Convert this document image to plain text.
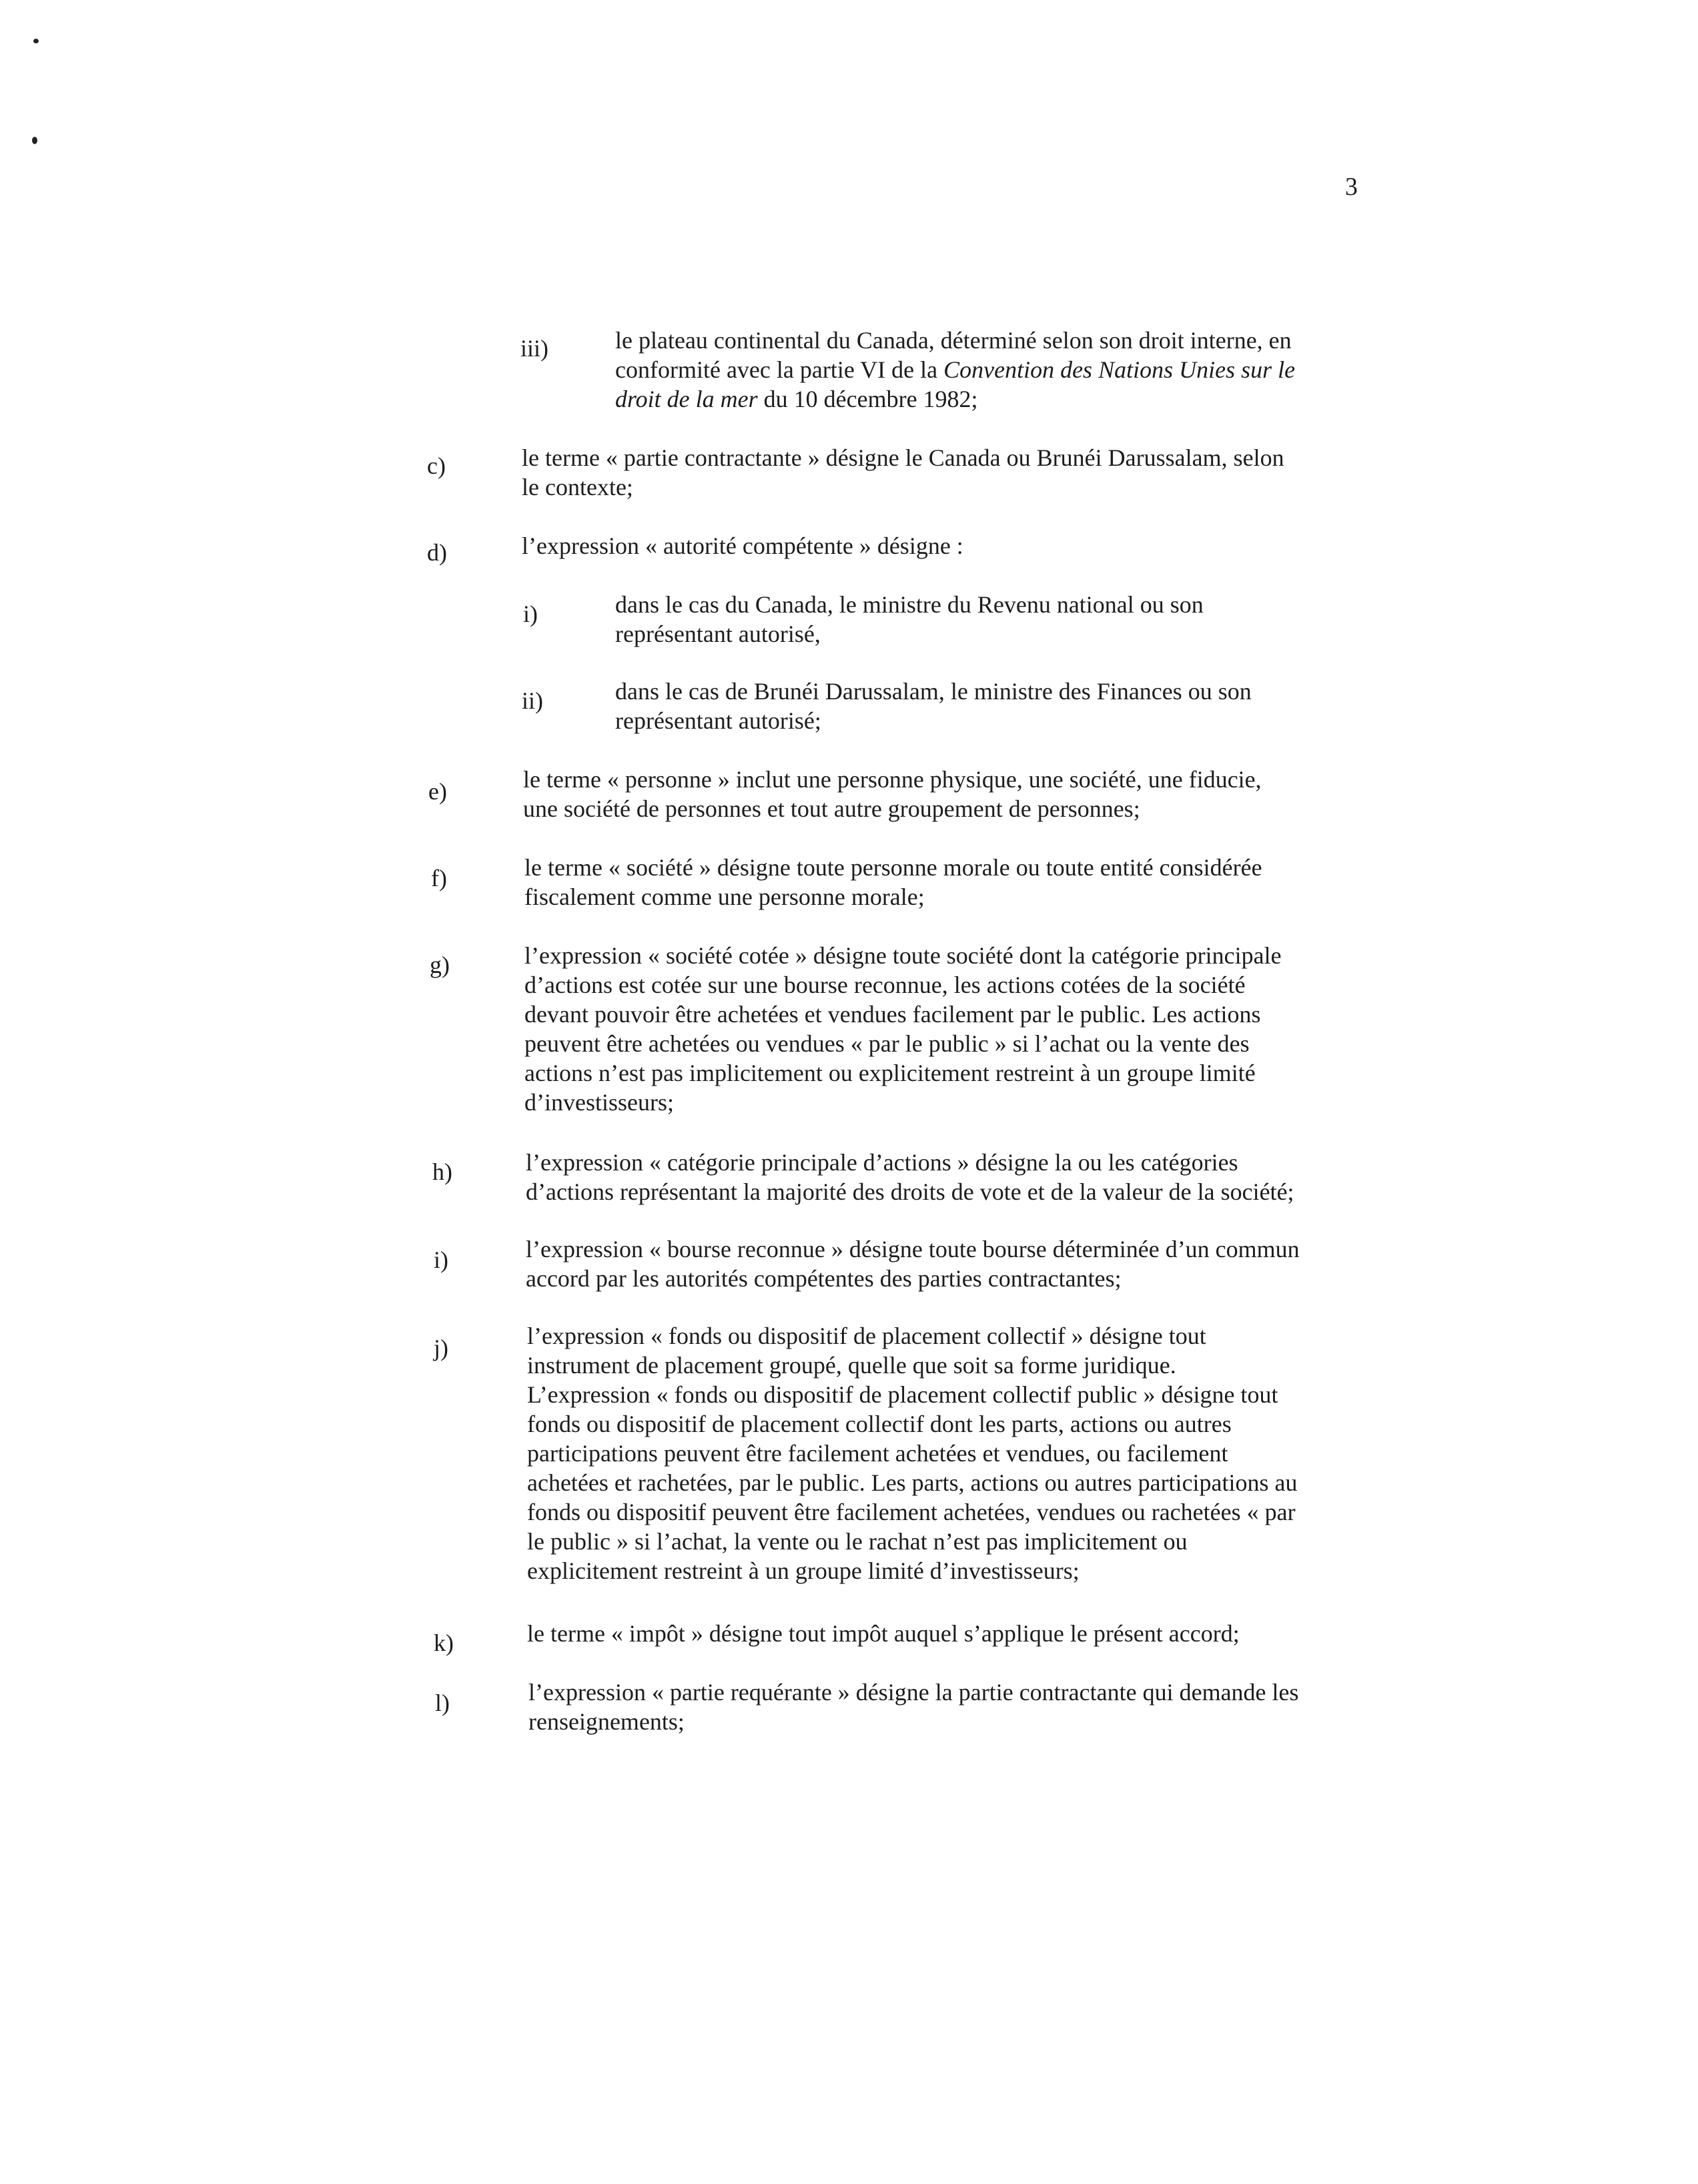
3
iii)	le plateau continental du Canada, déterminé selon son droit interne, en
conformité avec la partie VI de la Convention des Nations Unies sur le
droit de la mer du 10 décembre 1982;
c)	le terme « partie contractante » désigne le Canada ou Brunéi Darussalam, selon
le contexte;
d)	l’expression « autorité compétente » désigne :
i)	dans le cas du Canada, le ministre du Revenu national ou son
représentant autorisé,
ii)	dans le cas de Brunéi Darussalam, le ministre des Finances ou son
représentant autorisé;
e)	le terme « personne » inclut une personne physique, une société, une fiducie,
une société de personnes et tout autre groupement de personnes;
f)	le terme « société » désigne toute personne morale ou toute entité considérée
fiscalement comme une personne morale;
g)	l’expression « société cotée » désigne toute société dont la catégorie principale
d’actions est cotée sur une bourse reconnue, les actions cotées de la société
devant pouvoir être achetées et vendues facilement par le public. Les actions
peuvent être achetées ou vendues « par le public » si l’achat ou la vente des
actions n’est pas implicitement ou explicitement restreint à un groupe limité
d’investisseurs;
h)	l’expression « catégorie principale d’actions » désigne la ou les catégories
d’actions représentant la majorité des droits de vote et de la valeur de la société;
i)	l’expression « bourse reconnue » désigne toute bourse déterminée d’un commun
accord par les autorités compétentes des parties contractantes;
j)	l’expression « fonds ou dispositif de placement collectif » désigne tout
instrument de placement groupé, quelle que soit sa forme juridique.
L’expression « fonds ou dispositif de placement collectif public » désigne tout
fonds ou dispositif de placement collectif dont les parts, actions ou autres
participations peuvent être facilement achetées et vendues, ou facilement
achetées et rachetées, par le public. Les parts, actions ou autres participations au
fonds ou dispositif peuvent être facilement achetées, vendues ou rachetées « par
le public » si l’achat, la vente ou le rachat n’est pas implicitement ou
explicitement restreint à un groupe limité d’investisseurs;
k)	le terme « impôt » désigne tout impôt auquel s’applique le présent accord;
l)	l’expression « partie requérante » désigne la partie contractante qui demande les
renseignements;
